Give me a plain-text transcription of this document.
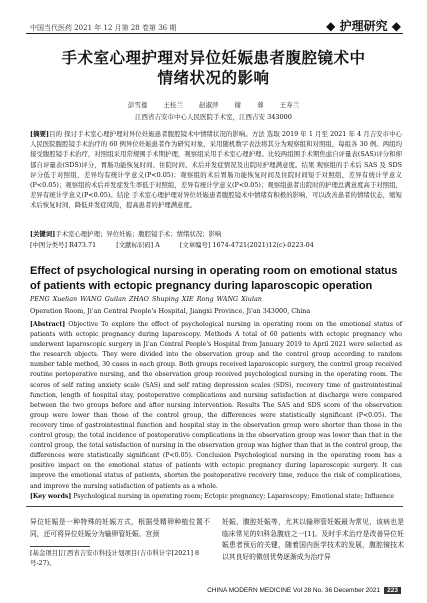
中国当代医药 2021 年 12 月第 28 卷第 36 期	◆ 护理研究 ◆
手术室心理护理对异位妊娠患者腹腔镜术中
情绪状况的影响
彭雪莲 王桂兰 赵淑萍 谢 蓉 王寿兰
江西省吉安市中心人民医院手术室，江西吉安 343000
[摘要]目的 探讨手术室心理护理对异位妊娠患者腹腔镜术中情绪状况的影响。方法 选取 2019 年 1 月至 2021 年 4 月吉安市中心人民医院腹腔镜手术治疗的 60 例异位妊娠患者作为研究对象，采用随机数字表法将其分为观察组和对照组，每组各 30 例。两组均接受腹腔镜手术治疗，对照组采用常规围手术期护理，观察组采用手术室心理护理。比较两组围手术期焦虑自评量表(SAS)评分和抑郁自评量表(SDS)评分，胃肠功能恢复时间、住院时间、术后并发症情况及出院时护理满意度。结果 观察组的手术后 SAS 及 SDS 评分低于对照组，差异均有统计学意义(P<0.05)；观察组的术后胃肠功能恢复时间及住院时间短于对照组，差异有统计学意义(P<0.05)；观察组的术后并发症发生率低于对照组，差异有统计学意义(P<0.05)；观察组患者出院时的护理总满意度高于对照组，差异有统计学意义(P<0.05)。结论 手术室心理护理对异位妊娠患者腹腔镜术中情绪有积极的影响，可以改善患者的情绪状态，缩短术后恢复时间，降低并发症风险，提高患者的护理满意度。
[关键词]手术室心理护理；异位妊娠；腹腔镜手术；情绪状况；影响
[中图分类号] R473.71	[文献标识码] A	[文章编号] 1674-4721(2021)12(c)-0223-04
Effect of psychological nursing in operating room on emotional status of patients with ectopic pregnancy during laparoscopic operation
PENG Xuelian WANG Guilan ZHAO Shuping XIE Rong WANG Xiulan
Operation Room, Ji'an Central People's Hospital, Jiangxi Province, Ji'an 343000, China
[Abstract] Objective To explore the effect of psychological nursing in operating room on the emotional status of patients with ectopic pregnancy during laparoscopy. Methods A total of 60 patients with ectopic pregnancy who underwent laparoscopic surgery in Ji'an Central People's Hospital from January 2019 to April 2021 were selected as the research objects. They were divided into the observation group and the control group according to random number table method, 30 cases in each group. Both groups received laparoscopic surgery, the control group received routine perioperative nursing, and the observation group received psychological nursing in the operating room. The scores of self rating anxiety scale (SAS) and self rating depression scales (SDS), recovery time of gastrointestinal function, length of hospital stay, postoperative complications and nursing satisfaction at discharge were compared between the two groups before and after nursing intervention. Results The SAS and SDS score of the observation group were lower than those of the control group, the differences were statistically significant (P<0.05). The recovery time of gastrointestinal function and hospital stay in the observation group were shorter than those in the control group; the total incidence of postoperative complications in the observation group was lower than that in the control group, the total satisfaction of nursing in the observation group was higher than that in the control group, the differences were statistically significant (P<0.05). Conclusion Psychological nursing in the operating room has a positive impact on the emotional status of patients with ectopic pregnancy during laparoscopic surgery. It can improve the emotional status of patients, shorten the postoperative recovery time, reduce the risk of complications, and improve the nursing satisfaction of patients as a whole.
[Key words] Psychological nursing in operating room; Ectopic pregnancy; Laparoscopy; Emotional state; Influence
异位妊娠是一种特殊的妊娠方式，根据受精卵种植位置不同，还可将异位妊娠分为输卵管妊娠、宫颈
妊娠、腹腔妊娠等，尤其以输卵管妊娠最为常见，该病也是临床常见的妇科急腹症之一[1]。及时手术治疗是改善异位妊娠患者预后的关键，随着国内医学技术的发展，腹腔镜技术以其良好的微创优势逐渐成为治疗异
[基金项目]江西省吉安市科技计划项目(吉市科计字[2021] 8 号-27)。
CHINA MODERN MEDICINE Vol 28 No. 36 December 2021 223
